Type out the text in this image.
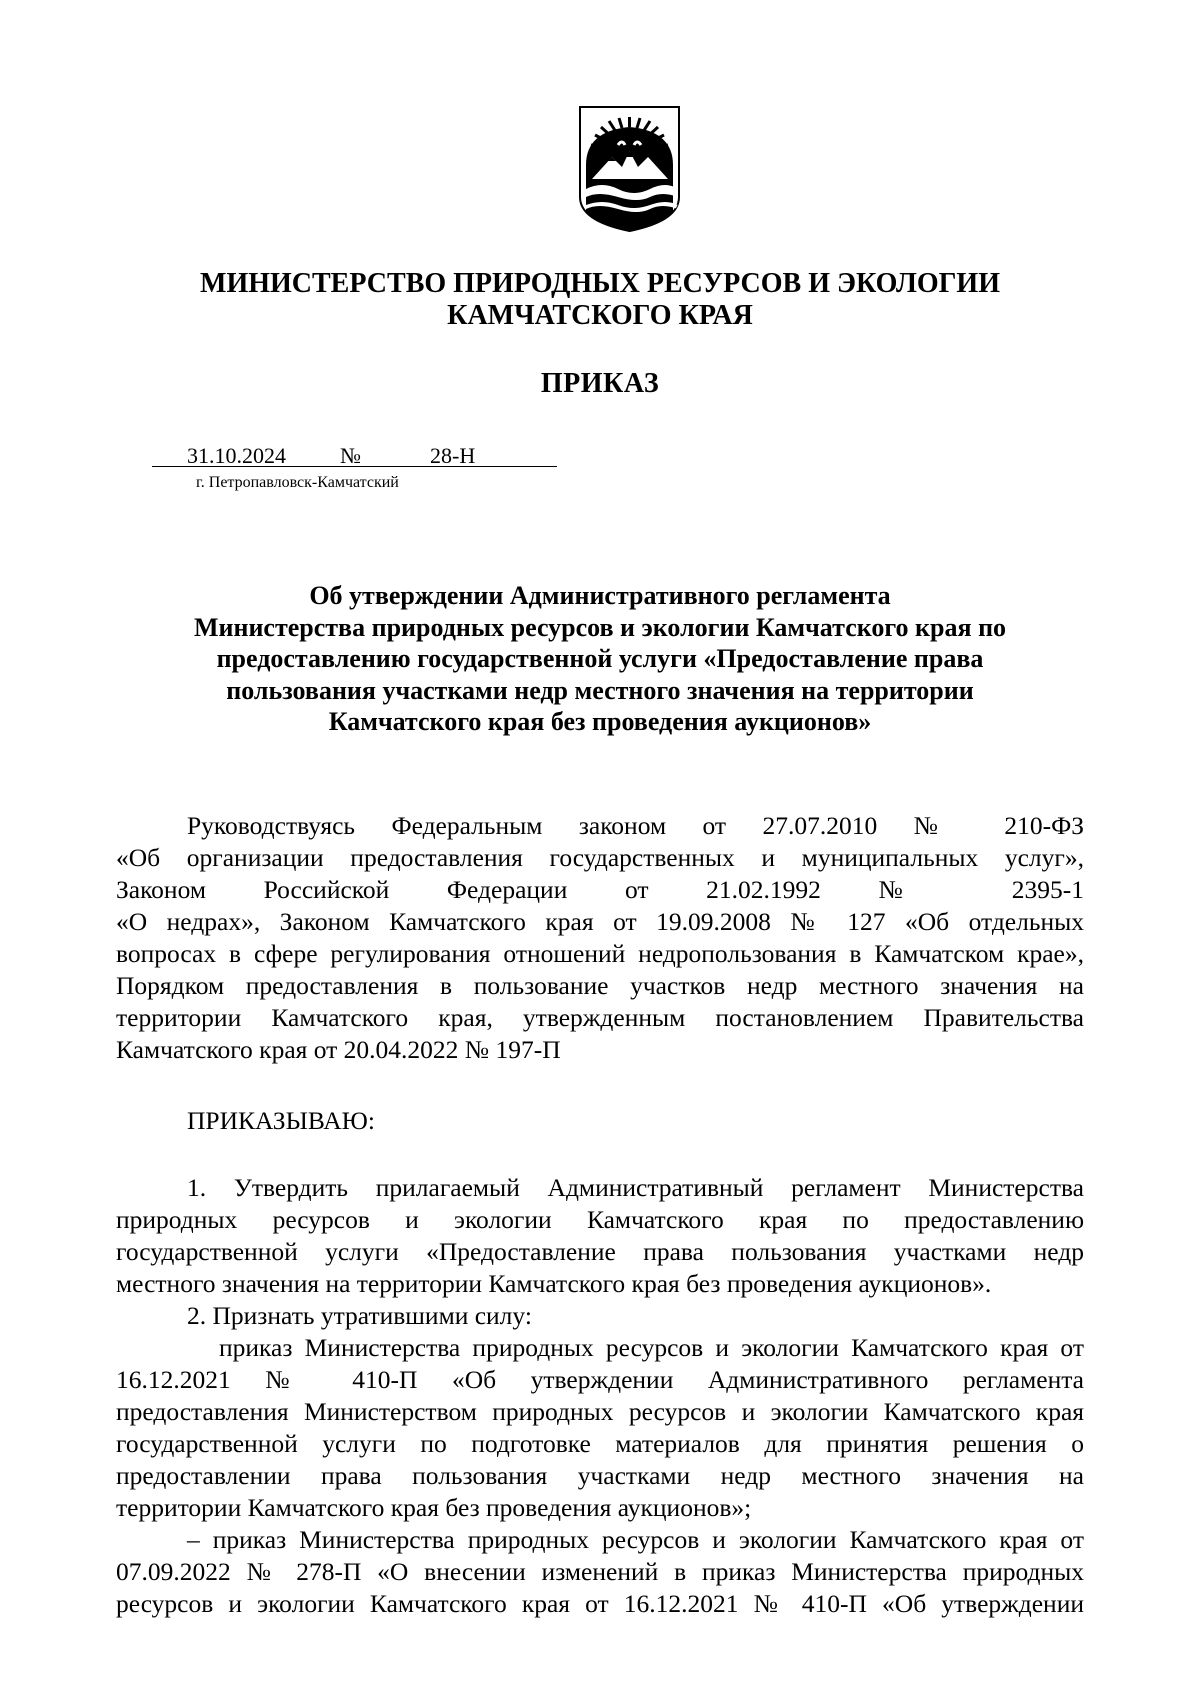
МИНИСТЕРСТВО ПРИРОДНЫХ РЕСУРСОВ И ЭКОЛОГИИ
КАМЧАТСКОГО КРАЯ
ПРИКАЗ
31.10.2024 №	28-Н
г. Петропавловск-Камчатский
Об утверждении Административного регламента
Министерства природных ресурсов и экологии Камчатского края по
предоставлению государственной услуги «Предоставление права
пользования участками недр местного значения на территории
Камчатского края без проведения аукционов»
Руководствуясь Федеральным законом от 27.07.2010 № 210-ФЗ
«Об организации предоставления государственных и муниципальных услуг»,
Законом Российской Федерации от 21.02.1992 № 2395-1
«О недрах», Законом Камчатского края от 19.09.2008 № 127 «Об отдельных
вопросах в сфере регулирования отношений недропользования в Камчатском крае»,
Порядком предоставления в пользование участков недр местного значения на
территории Камчатского края, утвержденным постановлением Правительства
Камчатского края от 20.04.2022 № 197-П
ПРИКАЗЫВАЮ:
1. Утвердить прилагаемый Административный регламент Министерства
природных ресурсов и экологии Камчатского края по предоставлению
государственной услуги «Предоставление права пользования участками недр
местного значения на территории Камчатского края без проведения аукционов».
2. Признать утратившими силу:
приказ Министерства природных ресурсов и экологии Камчатского края от
16.12.2021 № 410-П «Об утверждении Административного регламента
предоставления Министерством природных ресурсов и экологии Камчатского края
государственной услуги по подготовке материалов для принятия решения о
предоставлении права пользования участками недр местного значения на
территории Камчатского края без проведения аукционов»;
– приказ Министерства природных ресурсов и экологии Камчатского края от
07.09.2022 № 278-П «О внесении изменений в приказ Министерства природных
ресурсов и экологии Камчатского края от 16.12.2021 № 410-П «Об утверждении
